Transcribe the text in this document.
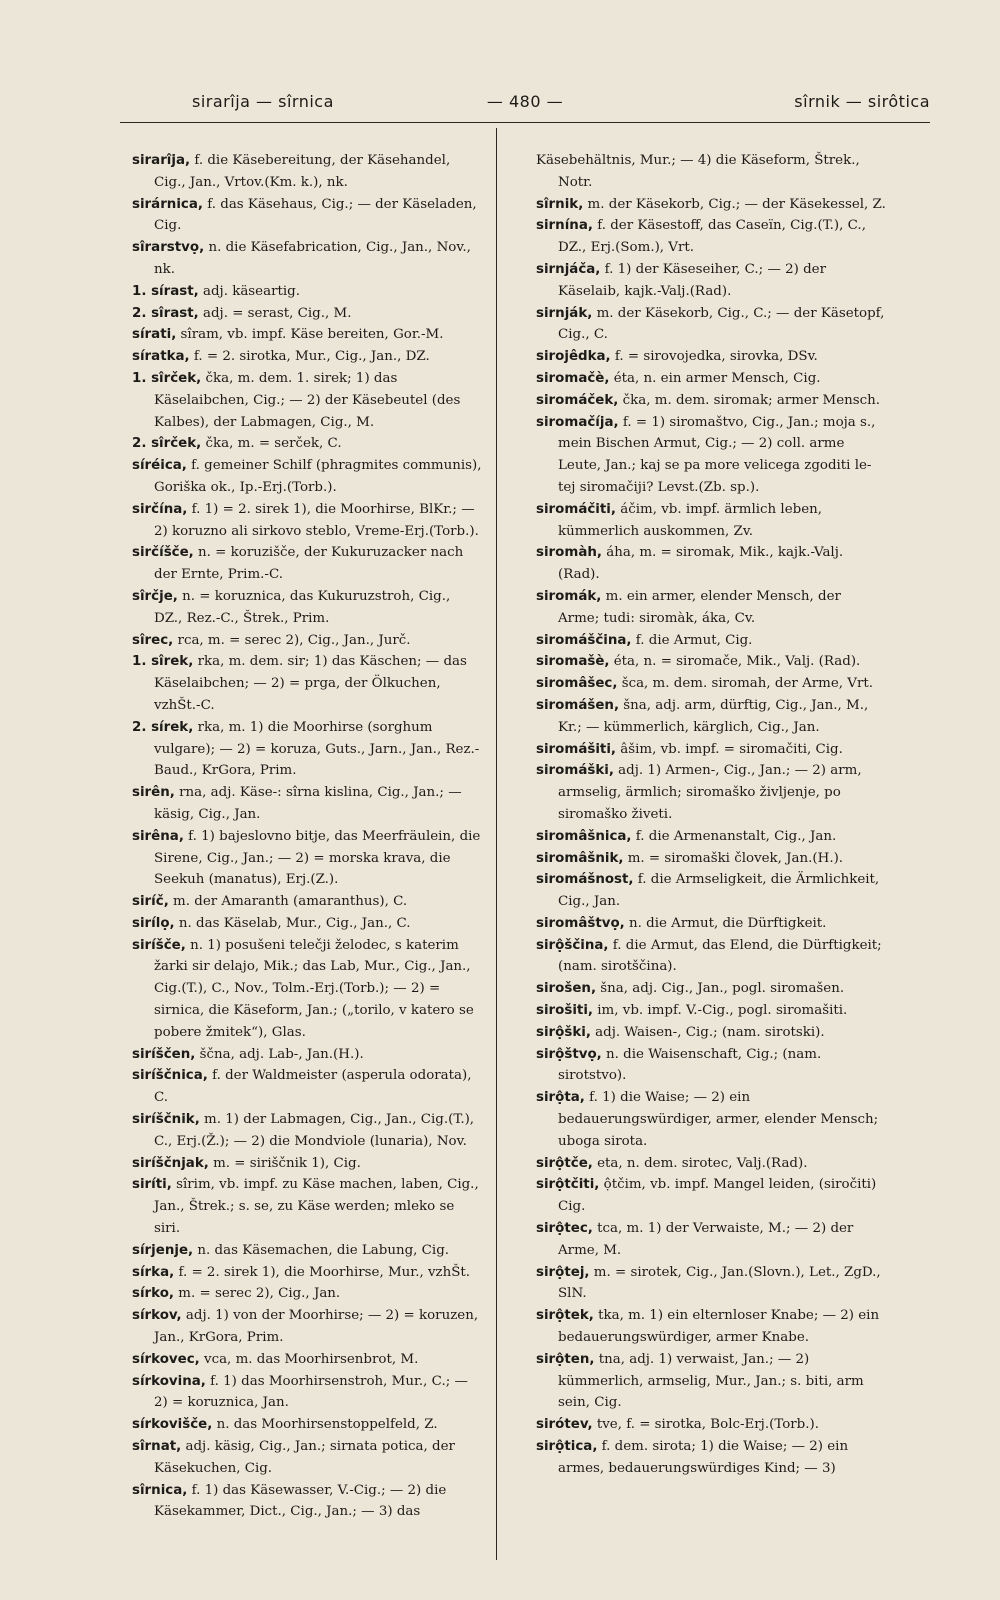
sirarîja — sîrnica	— 480 —	sîrnik — sirôtica

sirarîja, f. die Käsebereitung, der Käsehandel, Cig., Jan., Vrtov.(Km. k.), nk.

sirárnica, f. das Käsehaus, Cig.; — der Käseladen, Cig.

sîrarstvọ, n. die Käsefabrication, Cig., Jan., Nov., nk.

1. sírast, adj. käseartig.

2. sîrast, adj. = serast, Cig., M.

sírati, sîram, vb. impf. Käse bereiten, Gor.-M.

síratka, f. = 2. sirotka, Mur., Cig., Jan., DZ.

1. sîrček, čka, m. dem. 1. sirek; 1) das Käselaibchen, Cig.; — 2) der Käsebeutel (des Kalbes), der Labmagen, Cig., M.

2. sîrček, čka, m. = serček, C.

síréica, f. gemeiner Schilf (phragmites communis), Goriška ok., Ip.-Erj.(Torb.).

sirčína, f. 1) = 2. sirek 1), die Moorhirse, BlKr.; — 2) koruzno ali sirkovo steblo, Vreme-Erj.(Torb.).

sirčíšče, n. = koruzišče, der Kukuruzacker nach der Ernte, Prim.-C.

sîrčje, n. = koruznica, das Kukuruzstroh, Cig., DZ., Rez.-C., Štrek., Prim.

sîrec, rca, m. = serec 2), Cig., Jan., Jurč.

1. sîrek, rka, m. dem. sir; 1) das Käschen; — das Käselaibchen; — 2) = prga, der Ölkuchen, vzhŠt.-C.

2. sírek, rka, m. 1) die Moorhirse (sorghum vulgare); — 2) = koruza, Guts., Jarn., Jan., Rez.-Baud., KrGora, Prim.

sirên, rna, adj. Käse-: sîrna kislina, Cig., Jan.; — käsig, Cig., Jan.

sirêna, f. 1) bajeslovno bitje, das Meerfräulein, die Sirene, Cig., Jan.; — 2) = morska krava, die Seekuh (manatus), Erj.(Z.).

siríč, m. der Amaranth (amaranthus), C.

sirílọ, n. das Käselab, Mur., Cig., Jan., C.

siríšče, n. 1) posušeni telečji želodec, s katerim žarki sir delajo, Mik.; das Lab, Mur., Cig., Jan., Cig.(T.), C., Nov., Tolm.-Erj.(Torb.); — 2) = sirnica, die Käseform, Jan.; („torilo, v katero se pobere žmitek“), Glas.

siríščen, ščna, adj. Lab-, Jan.(H.).

siríščnica, f. der Waldmeister (asperula odorata), C.

siríščnik, m. 1) der Labmagen, Cig., Jan., Cig.(T.), C., Erj.(Ž.); — 2) die Mondviole (lunaria), Nov.

siríščnjak, m. = siriščnik 1), Cig.

siríti, sîrim, vb. impf. zu Käse machen, laben, Cig., Jan., Štrek.; s. se, zu Käse werden; mleko se siri.

sírjenje, n. das Käsemachen, die Labung, Cig.

sírka, f. = 2. sirek 1), die Moorhirse, Mur., vzhŠt.

sírko, m. = serec 2), Cig., Jan.

sírkov, adj. 1) von der Moorhirse; — 2) = koruzen, Jan., KrGora, Prim.

sírkovec, vca, m. das Moorhirsenbrot, M.

sírkovina, f. 1) das Moorhirsenstroh, Mur., C.; — 2) = koruznica, Jan.

sírkovišče, n. das Moorhirsenstoppelfeld, Z.

sîrnat, adj. käsig, Cig., Jan.; sirnata potica, der Käsekuchen, Cig.

sîrnica, f. 1) das Käsewasser, V.-Cig.; — 2) die Käsekammer, Dict., Cig., Jan.; — 3) das

Käsebehältnis, Mur.; — 4) die Käseform, Štrek., Notr.

sîrnik, m. der Käsekorb, Cig.; — der Käsekessel, Z.

sirnína, f. der Käsestoff, das Caseïn, Cig.(T.), C., DZ., Erj.(Som.), Vrt.

sirnjáča, f. 1) der Käseseiher, C.; — 2) der Käselaib, kajk.-Valj.(Rad).

sirnják, m. der Käsekorb, Cig., C.; — der Käsetopf, Cig., C.

sirojêdka, f. = sirovojedka, sirovka, DSv.

siromačè, éta, n. ein armer Mensch, Cig.

siromáček, čka, m. dem. siromak; armer Mensch.

siromačíja, f. = 1) siromaštvo, Cig., Jan.; moja s., mein Bischen Armut, Cig.; — 2) coll. arme Leute, Jan.; kaj se pa more velicega zgoditi le-tej siromačiji? Levst.(Zb. sp.).

siromáčiti, áčim, vb. impf. ärmlich leben, kümmerlich auskommen, Zv.

siromàh, áha, m. = siromak, Mik., kajk.-Valj. (Rad).

siromák, m. ein armer, elender Mensch, der Arme; tudi: siromàk, áka, Cv.

siromáščina, f. die Armut, Cig.

siromašè, éta, n. = siromače, Mik., Valj. (Rad).

siromâšec, šca, m. dem. siromah, der Arme, Vrt.

siromášen, šna, adj. arm, dürftig, Cig., Jan., M., Kr.; — kümmerlich, kärglich, Cig., Jan.

siromášiti, âšim, vb. impf. = siromačiti, Cig.

siromáški, adj. 1) Armen-, Cig., Jan.; — 2) arm, armselig, ärmlich; siromaško življenje, po siromaško živeti.

siromâšnica, f. die Armenanstalt, Cig., Jan.

siromâšnik, m. = siromaški človek, Jan.(H.).

siromášnost, f. die Armseligkeit, die Ärmlichkeit, Cig., Jan.

siromâštvọ, n. die Armut, die Dürftigkeit.

sirộščina, f. die Armut, das Elend, die Dürftigkeit; (nam. sirotščina).

sirošen, šna, adj. Cig., Jan., pogl. siromašen.

sirošiti, im, vb. impf. V.-Cig., pogl. siromašiti.

sirộški, adj. Waisen-, Cig.; (nam. sirotski).

sirộštvọ, n. die Waisenschaft, Cig.; (nam. sirotstvo).

sirộta, f. 1) die Waise; — 2) ein bedauerungswürdiger, armer, elender Mensch; uboga sirota.

sirộtče, eta, n. dem. sirotec, Valj.(Rad).

sirộtčiti, ộtčim, vb. impf. Mangel leiden, (siročiti) Cig.

sirộtec, tca, m. 1) der Verwaiste, M.; — 2) der Arme, M.

sirộtej, m. = sirotek, Cig., Jan.(Slovn.), Let., ZgD., SlN.

sirộtek, tka, m. 1) ein elternloser Knabe; — 2) ein bedauerungswürdiger, armer Knabe.

sirộten, tna, adj. 1) verwaist, Jan.; — 2) kümmerlich, armselig, Mur., Jan.; s. biti, arm sein, Cig.

sirótev, tve, f. = sirotka, Bolc-Erj.(Torb.).

sirộtica, f. dem. sirota; 1) die Waise; — 2) ein armes, bedauerungswürdiges Kind; — 3)
